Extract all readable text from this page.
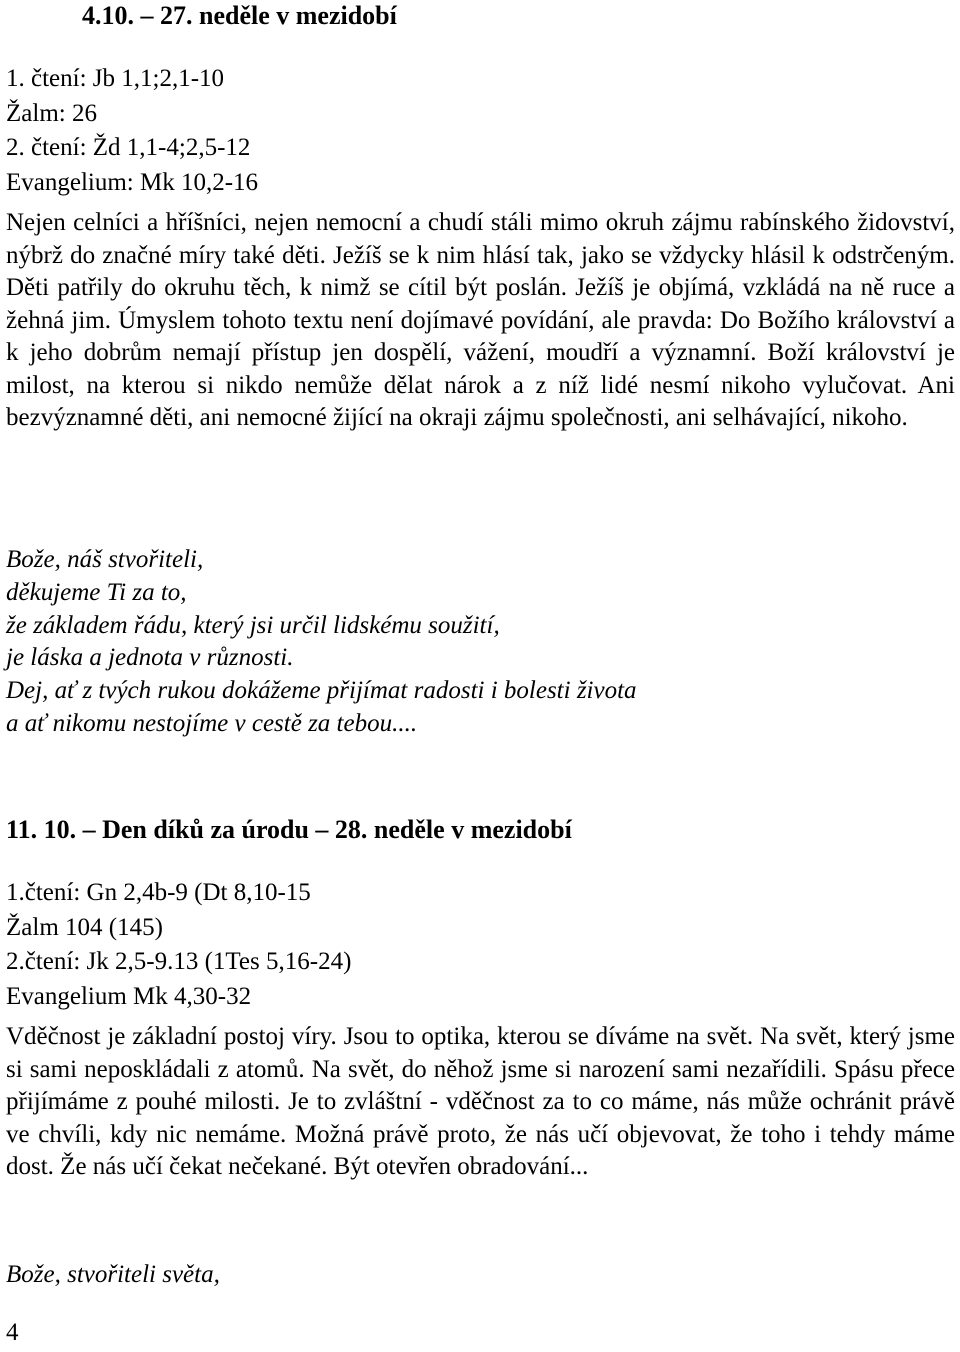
4.10. – 27. neděle v mezidobí
1. čtení: Jb 1,1;2,1-10
Žalm: 26
2. čtení: Žd 1,1-4;2,5-12
Evangelium: Mk 10,2-16

Nejen celníci a hříšníci, nejen nemocní a chudí stáli mimo okruh zájmu rabínského židovství, nýbrž do značné míry také děti. Ježíš se k nim hlásí tak, jako se vždycky hlásil k odstrčeným. Děti patřily do okruhu těch, k nimž se cítil být poslán. Ježíš je objímá, vzkládá na ně ruce a žehná jim. Úmyslem tohoto textu není dojímavé povídání, ale pravda: Do Božího království a k jeho dobrům nemají přístup jen dospělí, vážení, moudří a významní. Boží království je milost, na kterou si nikdo nemůže dělat nárok a z níž lidé nesmí nikoho vylučovat. Ani bezvýznamné děti, ani nemocné žijící na okraji zájmu společnosti, ani selhávající, nikoho.

Bože, náš stvořiteli,
děkujeme Ti za to,
že základem řádu, který jsi určil lidskému soužití,
je láska a jednota v různosti.
Dej, ať z tvých rukou dokážeme přijímat radosti i bolesti života
a ať nikomu nestojíme v cestě za tebou....
11. 10. – Den díků za úrodu – 28. neděle v mezidobí
1.čtení: Gn 2,4b-9 (Dt 8,10-15
Žalm 104 (145)
2.čtení: Jk 2,5-9.13 (1Tes 5,16-24)
Evangelium Mk 4,30-32

Vděčnost je základní postoj víry. Jsou to optika, kterou se díváme na svět. Na svět, který jsme si sami neposkládali z atomů. Na svět, do něhož jsme si narození sami nezařídili. Spásu přece přijímáme z pouhé milosti. Je to zvláštní - vděčnost za to co máme, nás může ochránit právě ve chvíli, kdy nic nemáme. Možná právě proto, že nás učí objevovat, že toho i tehdy máme dost. Že nás učí čekat nečekané. Být otevřen obradování...

Bože, stvořiteli světa,
4
